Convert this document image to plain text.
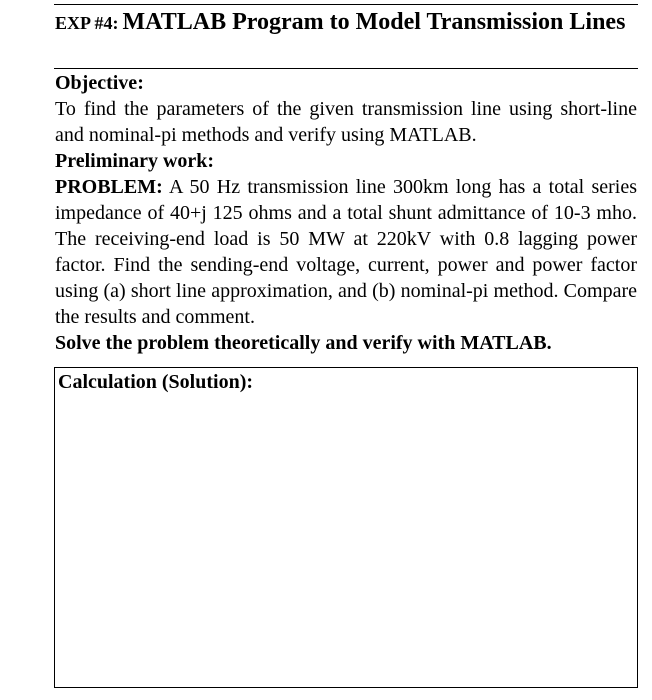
EXP #4: MATLAB Program to Model Transmission Lines

Objective:

To find the parameters of the given transmission line using short-line and nominal-pi methods and verify using MATLAB.

Preliminary work:

PROBLEM: A 50 Hz transmission line 300km long has a total series impedance of 40+j 125 ohms and a total shunt admittance of 10-3 mho. The receiving-end load is 50 MW at 220kV with 0.8 lagging power factor. Find the sending-end voltage, current, power and power factor using (a) short line approximation, and (b) nominal-pi method. Compare the results and comment.

Solve the problem theoretically and verify with MATLAB.

Calculation (Solution):
